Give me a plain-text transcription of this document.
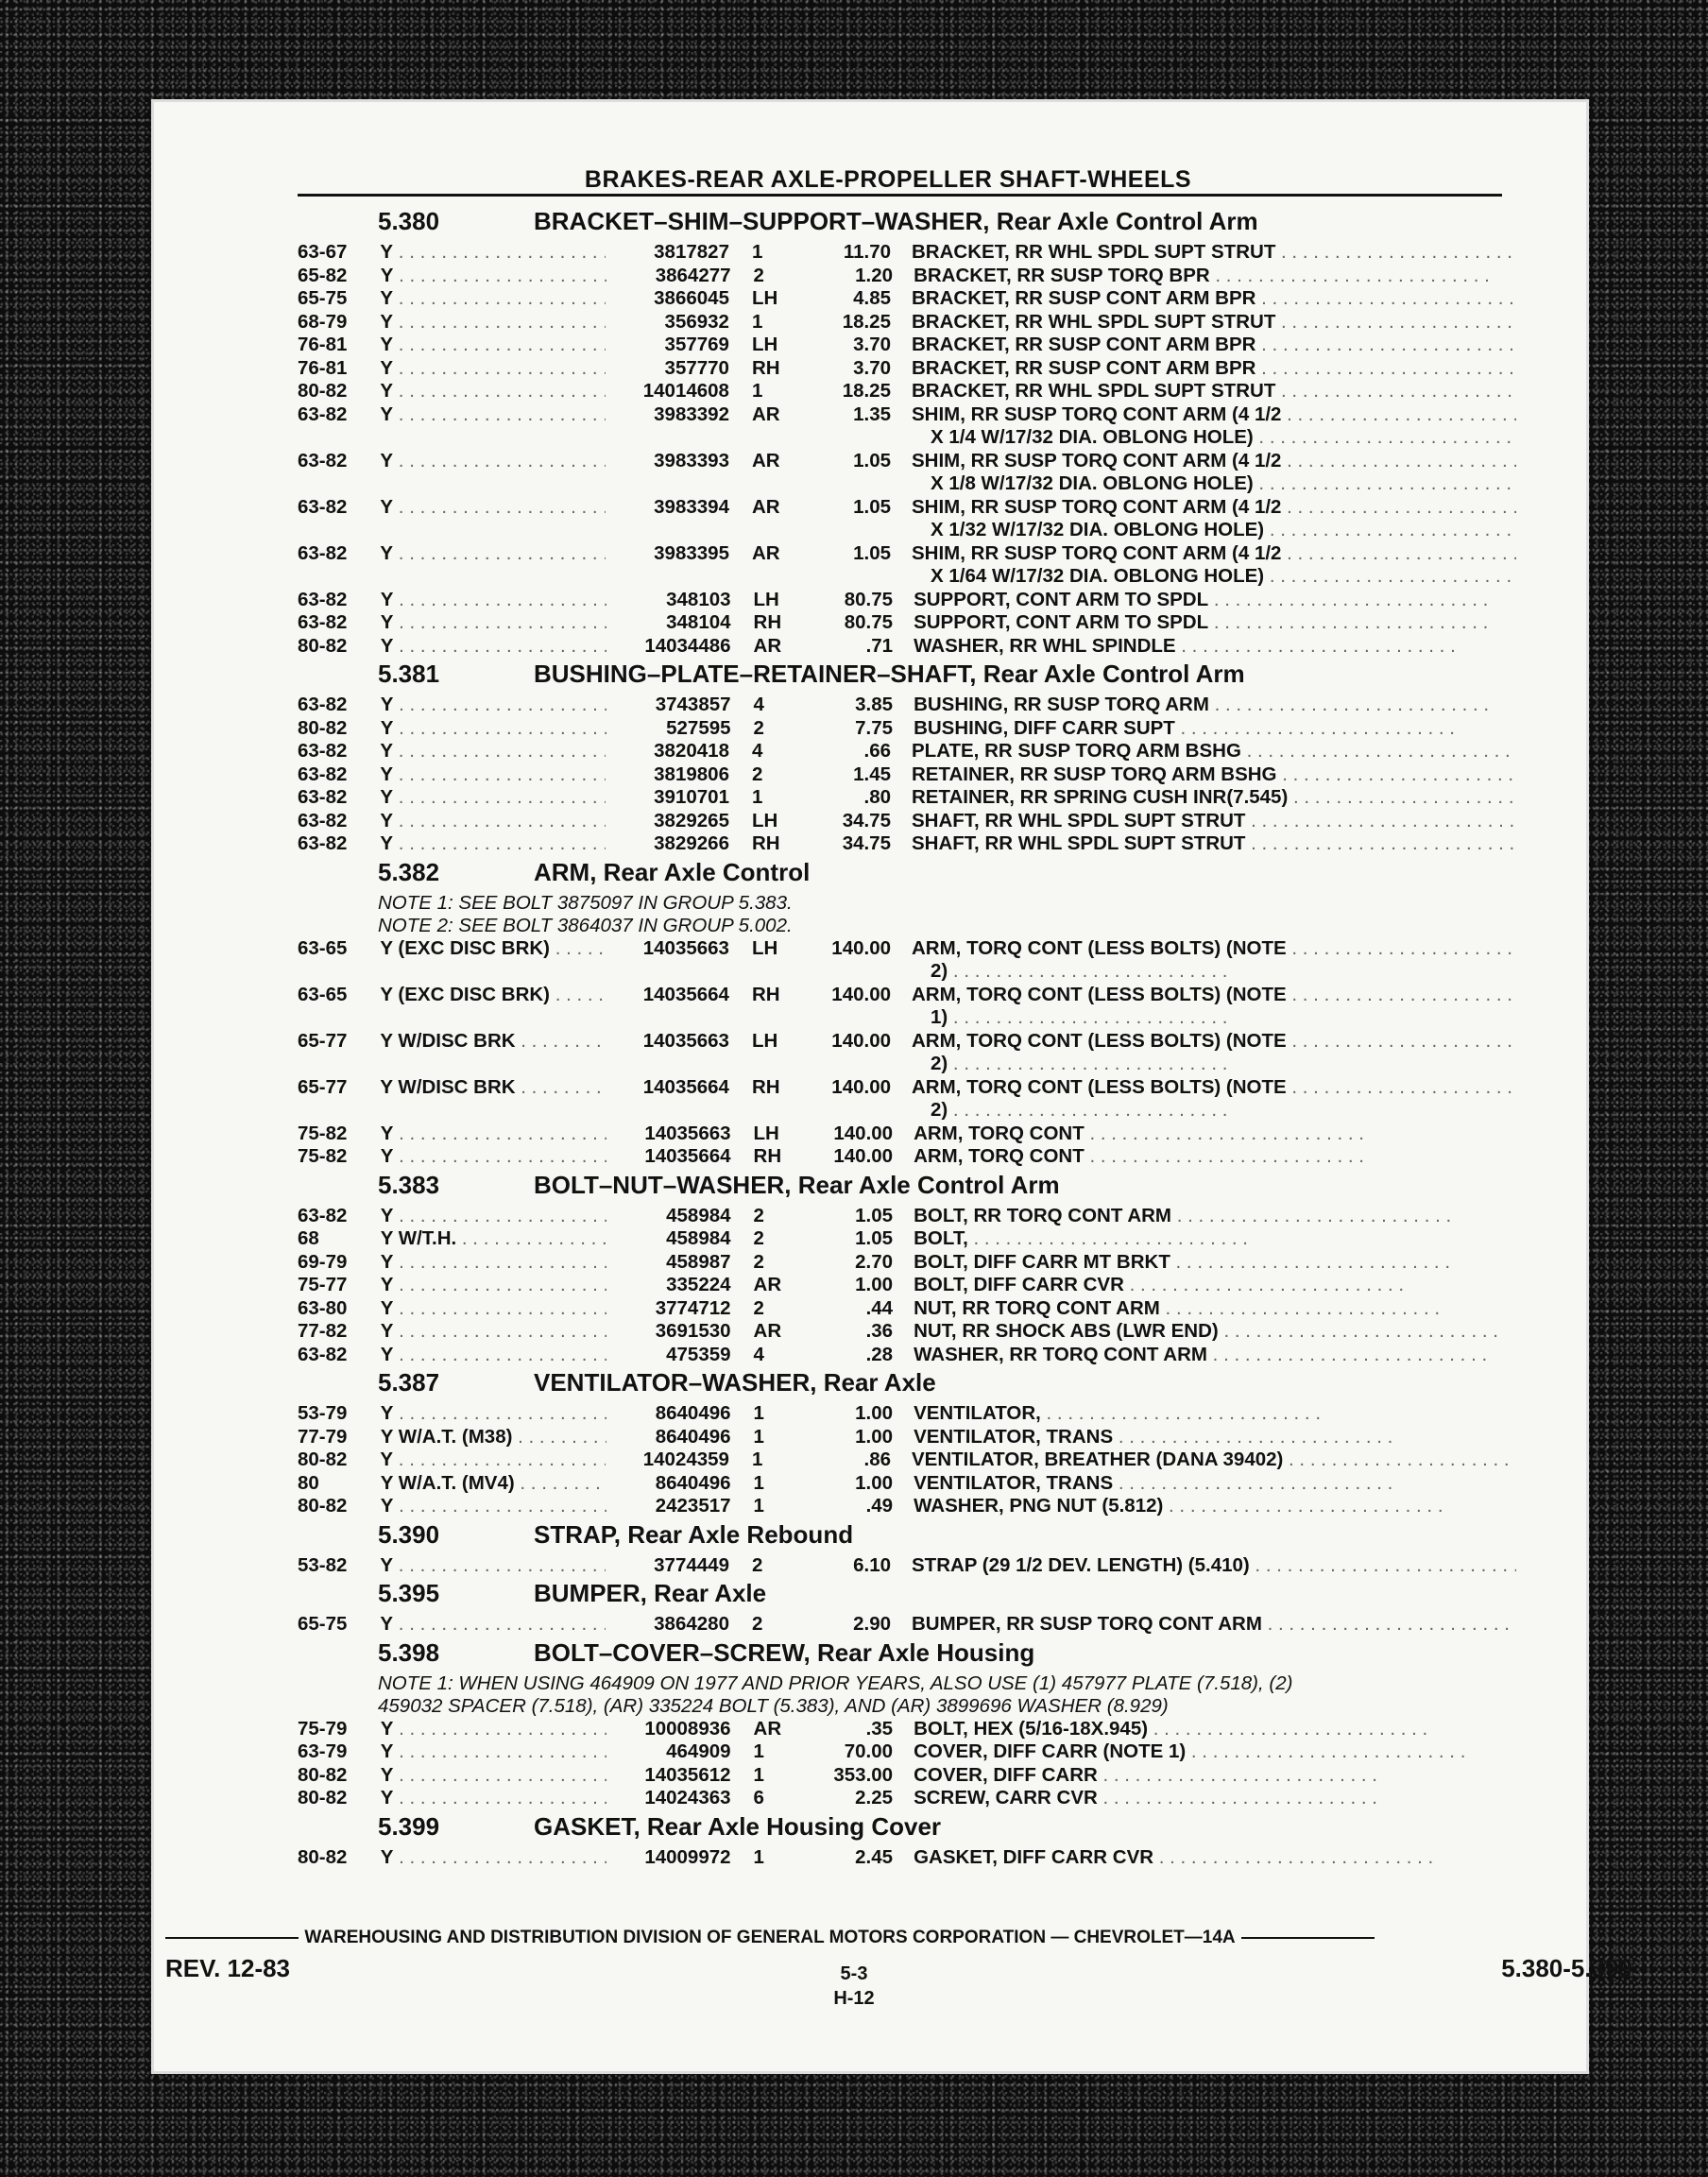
BRAKES-REAR AXLE-PROPELLER SHAFT-WHEELS
5.380	BRACKET–SHIM–SUPPORT–WASHER, Rear Axle Control Arm
63-67	Y . . .	3817827	1	11.70 BRACKET, RR WHL SPDL SUPT STRUT . . .
65-82	Y . . .	3864277	2	1.20 BRACKET, RR SUSP TORQ BPR . . .
65-75	Y . . .	3866045	LH	4.85 BRACKET, RR SUSP CONT ARM BPR . . .
68-79	Y . . .	356932	1	18.25 BRACKET, RR WHL SPDL SUPT STRUT . . .
76-81	Y . . .	357769	LH	3.70 BRACKET, RR SUSP CONT ARM BPR . . .
76-81	Y . . .	357770	RH	3.70 BRACKET, RR SUSP CONT ARM BPR . . .
80-82	Y . . .	14014608	1	18.25 BRACKET, RR WHL SPDL SUPT STRUT . . .
63-82	Y . . .	3983392	AR	1.35 SHIM, RR SUSP TORQ CONT ARM (4 1/2 . . .
X 1/4 W/17/32 DIA. OBLONG HOLE) . . .
63-82	Y . . .	3983393	AR	1.05 SHIM, RR SUSP TORQ CONT ARM (4 1/2 . . .
X 1/8 W/17/32 DIA. OBLONG HOLE) . . .
63-82	Y . . .	3983394	AR	1.05 SHIM, RR SUSP TORQ CONT ARM (4 1/2 . . .
X 1/32 W/17/32 DIA. OBLONG HOLE) . . .
63-82	Y . . .	3983395	AR	1.05 SHIM, RR SUSP TORQ CONT ARM (4 1/2 . . .
X 1/64 W/17/32 DIA. OBLONG HOLE) . . .
63-82	Y . . .	348103	LH	80.75 SUPPORT, CONT ARM TO SPDL . . .
63-82	Y . . .	348104	RH	80.75 SUPPORT, CONT ARM TO SPDL . . .
80-82	Y . . .	14034486	AR	.71 WASHER, RR WHL SPINDLE . . .
5.381	BUSHING–PLATE–RETAINER–SHAFT, Rear Axle Control Arm
63-82	Y . . .	3743857	4	3.85 BUSHING, RR SUSP TORQ ARM . . .
80-82	Y . . .	527595	2	7.75 BUSHING, DIFF CARR SUPT . . .
63-82	Y . . .	3820418	4	.66 PLATE, RR SUSP TORQ ARM BSHG . . .
63-82	Y . . .	3819806	2	1.45 RETAINER, RR SUSP TORQ ARM BSHG . . .
63-82	Y . . .	3910701	1	.80 RETAINER, RR SPRING CUSH INR(7.545) . . .
63-82	Y . . .	3829265	LH	34.75 SHAFT, RR WHL SPDL SUPT STRUT . . .
63-82	Y . . .	3829266	RH	34.75 SHAFT, RR WHL SPDL SUPT STRUT . . .
5.382	ARM, Rear Axle Control
NOTE 1: SEE BOLT 3875097 IN GROUP 5.383.
NOTE 2: SEE BOLT 3864037 IN GROUP 5.002.
63-65	Y (EXC DISC BRK) . . .	14035663	LH	140.00 ARM, TORQ CONT (LESS BOLTS) (NOTE . . .
2) . . .
63-65	Y (EXC DISC BRK) . . .	14035664	RH	140.00 ARM, TORQ CONT (LESS BOLTS) (NOTE . . .
1) . . .
65-77	Y W/DISC BRK . . .	14035663	LH	140.00 ARM, TORQ CONT (LESS BOLTS) (NOTE . . .
2) . . .
65-77	Y W/DISC BRK . . .	14035664	RH	140.00 ARM, TORQ CONT (LESS BOLTS) (NOTE . . .
2) . . .
75-82	Y . . .	14035663	LH	140.00 ARM, TORQ CONT . . .
75-82	Y . . .	14035664	RH	140.00 ARM, TORQ CONT . . .
5.383	BOLT–NUT–WASHER, Rear Axle Control Arm
63-82	Y . . .	458984	2	1.05 BOLT, RR TORQ CONT ARM . . .
68	Y W/T.H. . . .	458984	2	1.05 BOLT, . . .
69-79	Y . . .	458987	2	2.70 BOLT, DIFF CARR MT BRKT . . .
75-77	Y . . .	335224	AR	1.00 BOLT, DIFF CARR CVR . . .
63-80	Y . . .	3774712	2	.44 NUT, RR TORQ CONT ARM . . .
77-82	Y . . .	3691530	AR	.36 NUT, RR SHOCK ABS (LWR END) . . .
63-82	Y . . .	475359	4	.28 WASHER, RR TORQ CONT ARM . . .
5.387	VENTILATOR–WASHER, Rear Axle
53-79	Y . . .	8640496	1	1.00 VENTILATOR, . . .
77-79	Y W/A.T. (M38) . . .	8640496	1	1.00 VENTILATOR, TRANS . . .
80-82	Y . . .	14024359	1	.86 VENTILATOR, BREATHER (DANA 39402) . . .
80	Y W/A.T. (MV4) . . .	8640496	1	1.00 VENTILATOR, TRANS . . .
80-82	Y . . .	2423517	1	.49 WASHER, PNG NUT (5.812) . . .
5.390	STRAP, Rear Axle Rebound
53-82	Y . . .	3774449	2	6.10 STRAP (29 1/2 DEV. LENGTH) (5.410) . . .
5.395	BUMPER, Rear Axle
65-75	Y . . .	3864280	2	2.90 BUMPER, RR SUSP TORQ CONT ARM . . .
5.398	BOLT–COVER–SCREW, Rear Axle Housing
NOTE 1: WHEN USING 464909 ON 1977 AND PRIOR YEARS, ALSO USE (1) 457977 PLATE (7.518), (2)
459032 SPACER (7.518), (AR) 335224 BOLT (5.383), AND (AR) 3899696 WASHER (8.929)
75-79	Y . . .	10008936	AR	.35 BOLT, HEX (5/16-18X.945) . . .
63-79	Y . . .	464909	1	70.00 COVER, DIFF CARR (NOTE 1) . . .
80-82	Y . . .	14035612	1	353.00 COVER, DIFF CARR . . .
80-82	Y . . .	14024363	6	2.25 SCREW, CARR CVR . . .
5.399	GASKET, Rear Axle Housing Cover
80-82	Y . . .	14009972	1	2.45 GASKET, DIFF CARR CVR . . .
WAREHOUSING AND DISTRIBUTION DIVISION OF GENERAL MOTORS CORPORATION — CHEVROLET—14A
REV. 12-83	5-3
H-12
5.380-5.399
